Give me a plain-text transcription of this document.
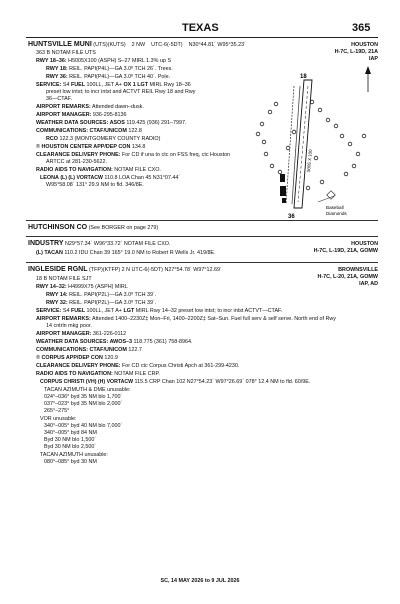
TEXAS	365
HUNTSVILLE MUNI (UTS)(KUTS) 2 NW UTC-6(-5DT) N30°44.81´ W95°35.23´	HOUSTON
H-7C, L-19D, 21A
IAP
363 B NOTAM FILE UTS
RWY 18–36: H5005X100 (ASPH) S–27 MIRL 1.3% up S
RWY 18: REIL. PAPI(P4L)—GA 3.0º TCH 26´. Trees.
RWY 36: REIL. PAPI(P4L)—GA 3.0º TCH 40´. Pole.
SERVICE: S4 FUEL 100LL, JET A+ OX 1 LGT MIRL Rwy 18–36
preset low intst; to incr intst and ACTVT REIL Rwy 18 and Rwy
36—CTAF.
AIRPORT REMARKS: Attended dawn–dusk.
AIRPORT MANAGER: 936-295-8136
WEATHER DATA SOURCES: ASOS 119.425 (936) 291–7997.
COMMUNICATIONS: CTAF/UNICOM 122.8
RCO 122.3 (MONTGOMERY COUNTY RADIO)
® HOUSTON CENTER APP/DEP CON 134.8
CLEARANCE DELIVERY PHONE: For CD if una to ctc on FSS freq, ctc Houston
ARTCC at 281-230-5622.
RADIO AIDS TO NAVIGATION: NOTAM FILE CXO.
LEONA (L) (L) VORTACW 110.8 LOA Chan 45 N31°07.44´
W95°58.08´ 131° 29.9 NM to fld. 346/8E.
18
36
5005 X 100
Baseball
Diamonds
HUTCHINSON CO (See BORGER on page 279)
INDUSTRY N29°57.34´ W96°33.72´ NOTAM FILE CXO.	HOUSTON
H-7C, L-19D, 21A, GOMW
(L) TACAN 110.2 IDU Chan 39 165° 19.0 NM to Robert R Wells Jr. 419/8E.
INGLESIDE RGNL (TFP)(KTFP) 2 N UTC-6(-5DT) N27°54.78´ W97°12.69´	BROWNSVILLE
H-7C, L-20, 21A, GOMW
IAP, AD
18 B NOTAM FILE SJT
RWY 14–32: H4999X75 (ASPH) MIRL
RWY 14: REIL. PAPI(P2L)—GA 3.0º TCH 39´.
RWY 32: REIL. PAPI(P2L)—GA 3.0º TCH 39´.
SERVICE: S4 FUEL 100LL, JET A+ LGT MIRL Rwy 14–32 preset low intst; to incr intst ACTVT—CTAF.
AIRPORT REMARKS: Attended 1400–2230Z‡ Mon–Fri, 1400–2200Z‡ Sat–Sun. Fuel full serv & self serve. North end of Rwy
14 cntrln mkg poor.
AIRPORT MANAGER: 361-226-0112
WEATHER DATA SOURCES: AWOS–3 118.775 (361) 758-8964.
COMMUNICATIONS: CTAF/UNICOM 122.7
® CORPUS APP/DEP CON 120.9
CLEARANCE DELIVERY PHONE: For CD ctc Corpus Christi Apch at 361-299-4230.
RADIO AIDS TO NAVIGATION: NOTAM FILE CRP.
CORPUS CHRISTI (VH) (H) VORTACW 115.5 CRP Chan 102 N27°54.23´ W97°26.69´ 078° 12.4 NM to fld. 60/9E.
TACAN AZIMUTH & DME unusable:
024°–036° byd 35 NM blo 1,700´
037°–023° byd 35 NM blo 2,000´
265°–275°
VOR unusable:
340°–005° byd 40 NM blo 7,000´
340°–005° byd 84 NM
Byd 30 NM blo 1,500´
Byd 30 NM blo 2,500´
TACAN AZIMUTH unusable:
080°–085° byd 30 NM
SC, 14 MAY 2026 to 9 JUL 2026
